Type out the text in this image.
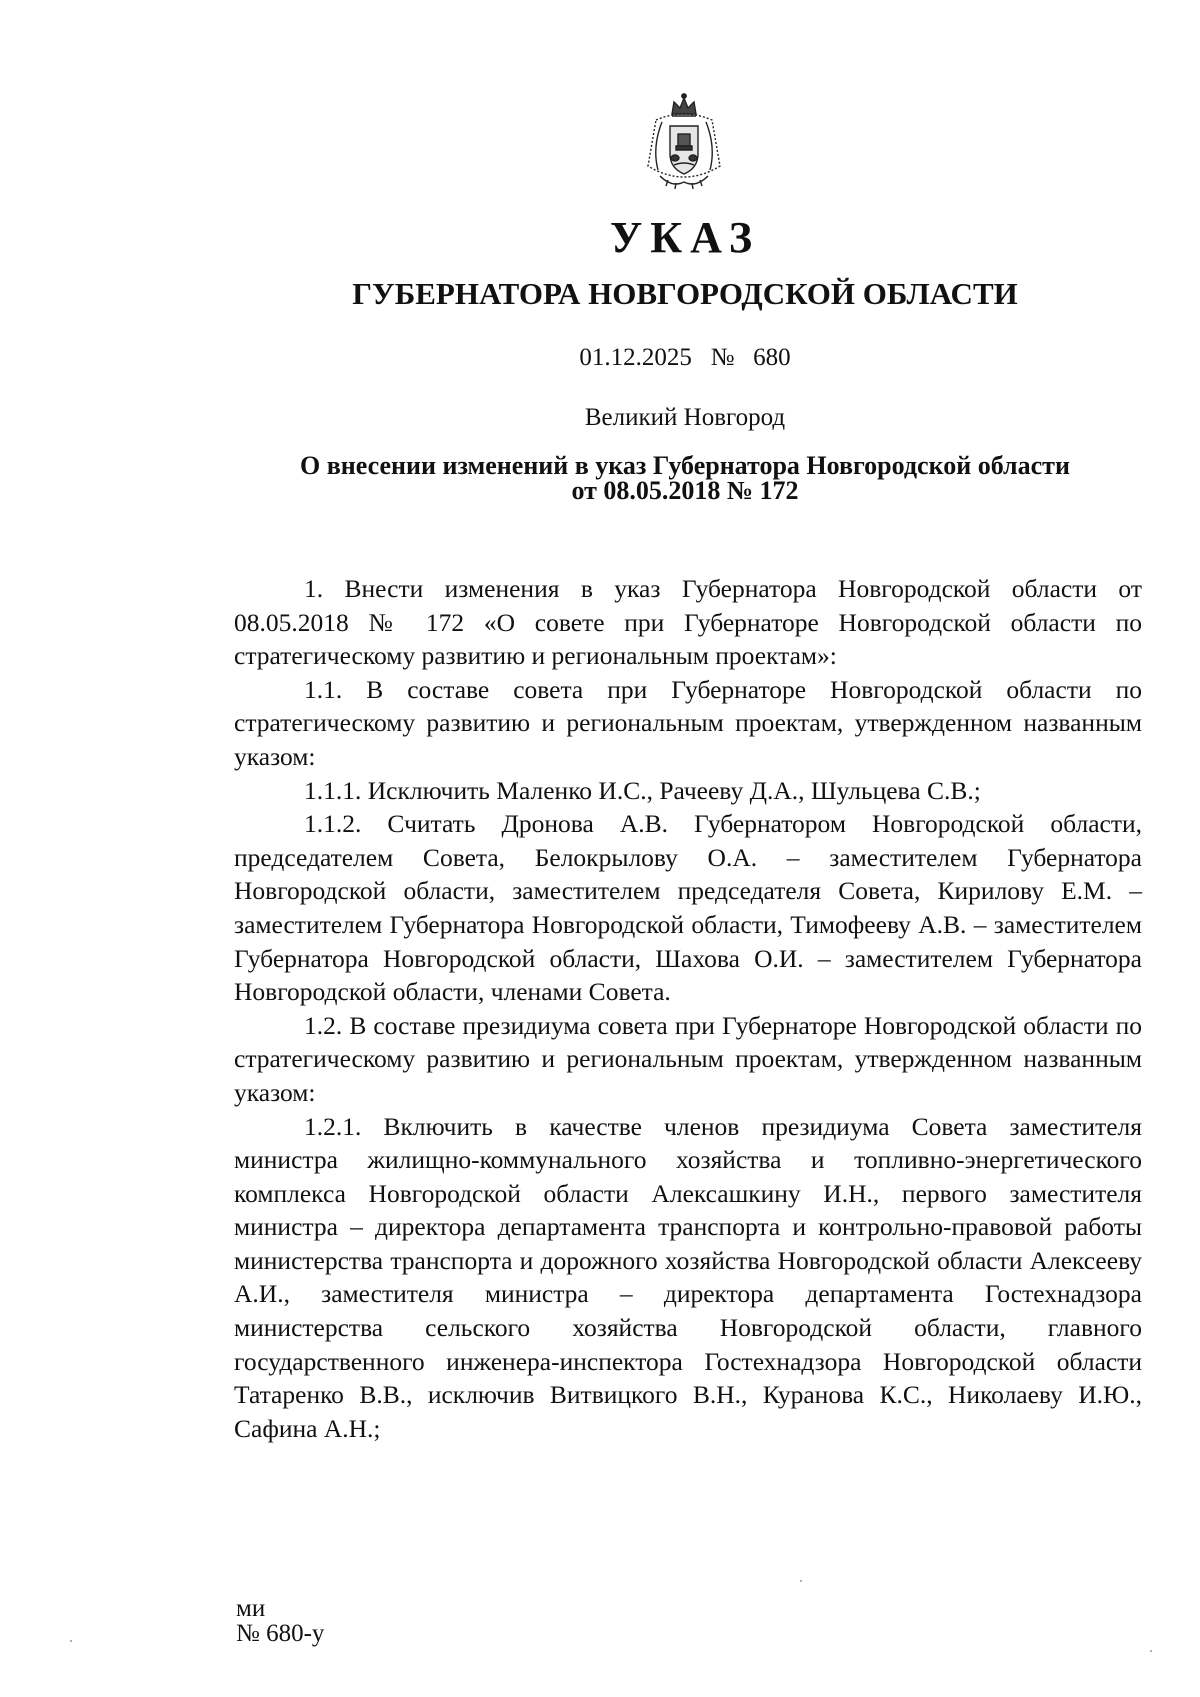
УКАЗ
ГУБЕРНАТОРА НОВГОРОДСКОЙ ОБЛАСТИ
01.12.2025 № 680
Великий Новгород
О внесении изменений в указ Губернатора Новгородской области
от 08.05.2018 № 172

1. Внести изменения в указ Губернатора Новгородской области от 08.05.2018 № 172 «О совете при Губернаторе Новгородской области по стратегическому развитию и региональным проектам»:

1.1. В составе совета при Губернаторе Новгородской области по стратегическому развитию и региональным проектам, утвержденном названным указом:

1.1.1. Исключить Маленко И.С., Рачееву Д.А., Шульцева С.В.;

1.1.2. Считать Дронова А.В. Губернатором Новгородской области, председателем Совета, Белокрылову О.А. – заместителем Губернатора Новгородской области, заместителем председателя Совета, Кирилову Е.М. – заместителем Губернатора Новгородской области, Тимофееву А.В. – заместителем Губернатора Новгородской области, Шахова О.И. – заместителем Губернатора Новгородской области, членами Совета.

1.2. В составе президиума совета при Губернаторе Новгородской области по стратегическому развитию и региональным проектам, утвержденном названным указом:

1.2.1. Включить в качестве членов президиума Совета заместителя министра жилищно-коммунального хозяйства и топливно-энергетического комплекса Новгородской области Алексашкину И.Н., первого заместителя министра – директора департамента транспорта и контрольно-правовой работы министерства транспорта и дорожного хозяйства Новгородской области Алексееву А.И., заместителя министра – директора департамента Гостехнадзора министерства сельского хозяйства Новгородской области, главного государственного инженера-инспектора Гостехнадзора Новгородской области Татаренко В.В., исключив Витвицкого В.Н., Куранова К.С., Николаеву И.Ю., Сафина А.Н.;

ми
№ 680-у
